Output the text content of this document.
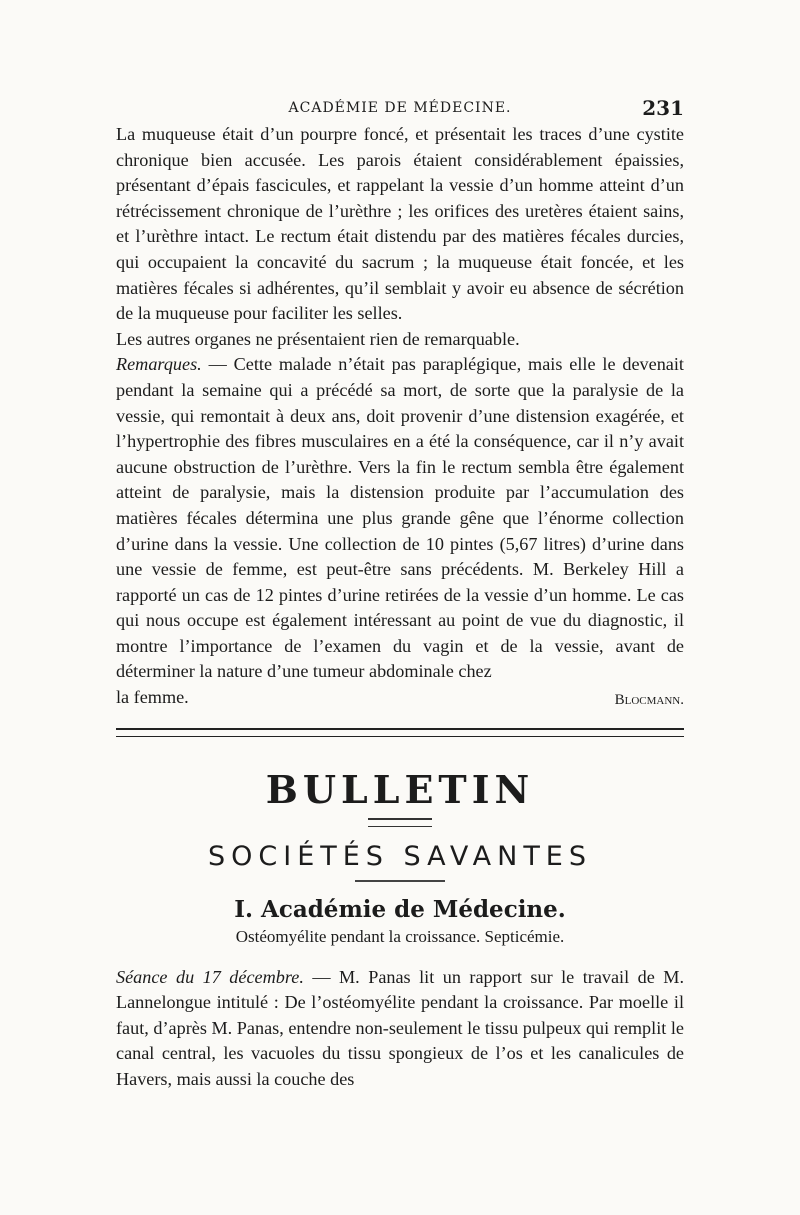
ACADÉMIE DE MÉDECINE.	231

La muqueuse était d’un pourpre foncé, et présentait les traces d’une cystite chronique bien accusée. Les parois étaient considérablement épaissies, présentant d’épais fascicules, et rappelant la vessie d’un homme atteint d’un rétrécissement chronique de l’urèthre ; les orifices des uretères étaient sains, et l’urèthre intact. Le rectum était distendu par des matières fécales durcies, qui occupaient la concavité du sacrum ; la muqueuse était foncée, et les matières fécales si adhérentes, qu’il semblait y avoir eu absence de sécrétion de la muqueuse pour faciliter les selles.

Les autres organes ne présentaient rien de remarquable.

Remarques. — Cette malade n’était pas paraplégique, mais elle le devenait pendant la semaine qui a précédé sa mort, de sorte que la paralysie de la vessie, qui remontait à deux ans, doit provenir d’une distension exagérée, et l’hypertrophie des fibres musculaires en a été la conséquence, car il n’y avait aucune obstruction de l’urèthre. Vers la fin le rectum sembla être également atteint de paralysie, mais la distension produite par l’accumulation des matières fécales détermina une plus grande gêne que l’énorme collection d’urine dans la vessie. Une collection de 10 pintes (5,67 litres) d’urine dans une vessie de femme, est peut-être sans précédents. M. Berkeley Hill a rapporté un cas de 12 pintes d’urine retirées de la vessie d’un homme. Le cas qui nous occupe est également intéressant au point de vue du diagnostic, il montre l’importance de l’examen du vagin et de la vessie, avant de déterminer la nature d’une tumeur abdominale chez

la femme.	Blocmann.
BULLETIN
SOCIÉTÉS SAVANTES
I. Académie de Médecine.
Ostéomyélite pendant la croissance. Septicémie.
Séance du 17 décembre. — M. Panas lit un rapport sur le travail de M. Lannelongue intitulé : De l’ostéomyélite pendant la croissance. Par moelle il faut, d’après M. Panas, entendre non-seulement le tissu pulpeux qui remplit le canal central, les vacuoles du tissu spongieux de l’os et les canalicules de Havers, mais aussi la couche des
